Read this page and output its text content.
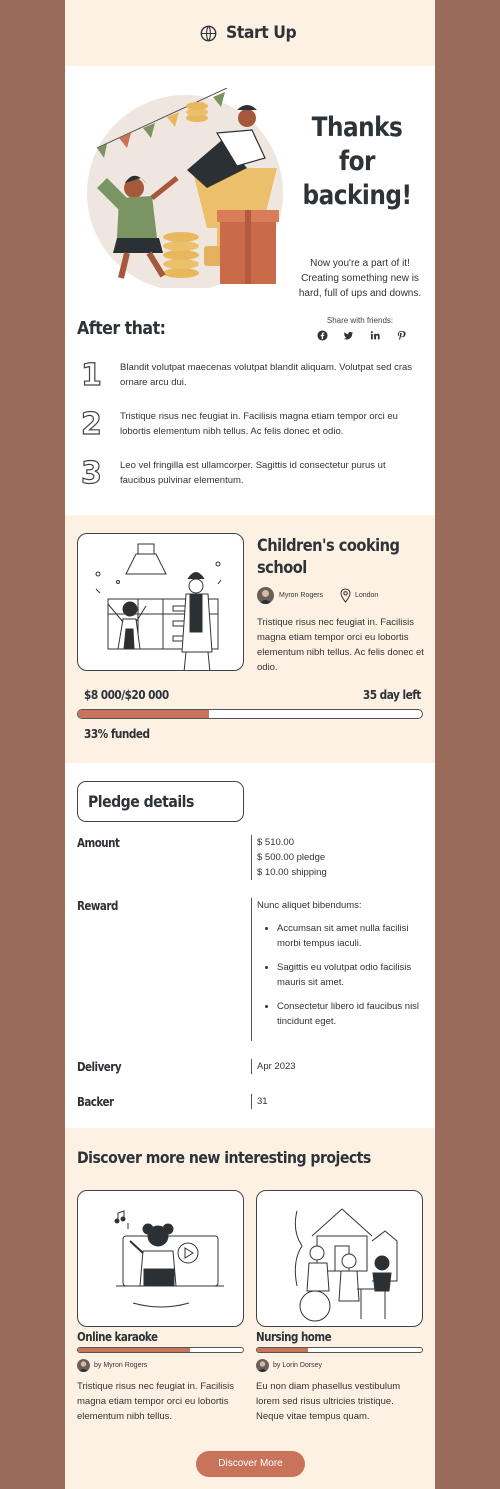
Start Up
Thanks for backing!
Now you're a part of it! Creating something new is hard, full of ups and downs.
Share with friends:
After that:
1 Blandit volutpat maecenas volutpat blandit aliquam. Volutpat sed cras ornare arcu dui.
2 Tristique risus nec feugiat in. Facilisis magna etiam tempor orci eu lobortis elementum nibh tellus. Ac felis donec et odio.
3 Leo vel fringilla est ullamcorper. Sagittis id consectetur purus ut faucibus pulvinar elementum.
Children's cooking school
Myron Rogers	London
Tristique risus nec feugiat in. Facilisis magna etiam tempor orci eu lobortis elementum nibh tellus. Ac felis donec et odio.
$8 000/$20 000	35 day left
33% funded
Pledge details
Amount	$ 510.00
$ 500.00 pledge
$ 10.00 shipping
Reward	Nunc aliquet bibendums:
• Accumsan sit amet nulla facilisi morbi tempus iaculi.
• Sagittis eu volutpat odio facilisis mauris sit amet.
• Consectetur libero id faucibus nisl tincidunt eget.
Delivery	Apr 2023
Backer	31
Discover more new interesting projects
Online karaoke
by Myron Rogers
Tristique risus nec feugiat in. Facilisis magna etiam tempor orci eu lobortis elementum nibh tellus.
Nursing home
by Lorin Dorsey
Eu non diam phasellus vestibulum lorem sed risus ultricies tristique. Neque vitae tempus quam.
Discover More
